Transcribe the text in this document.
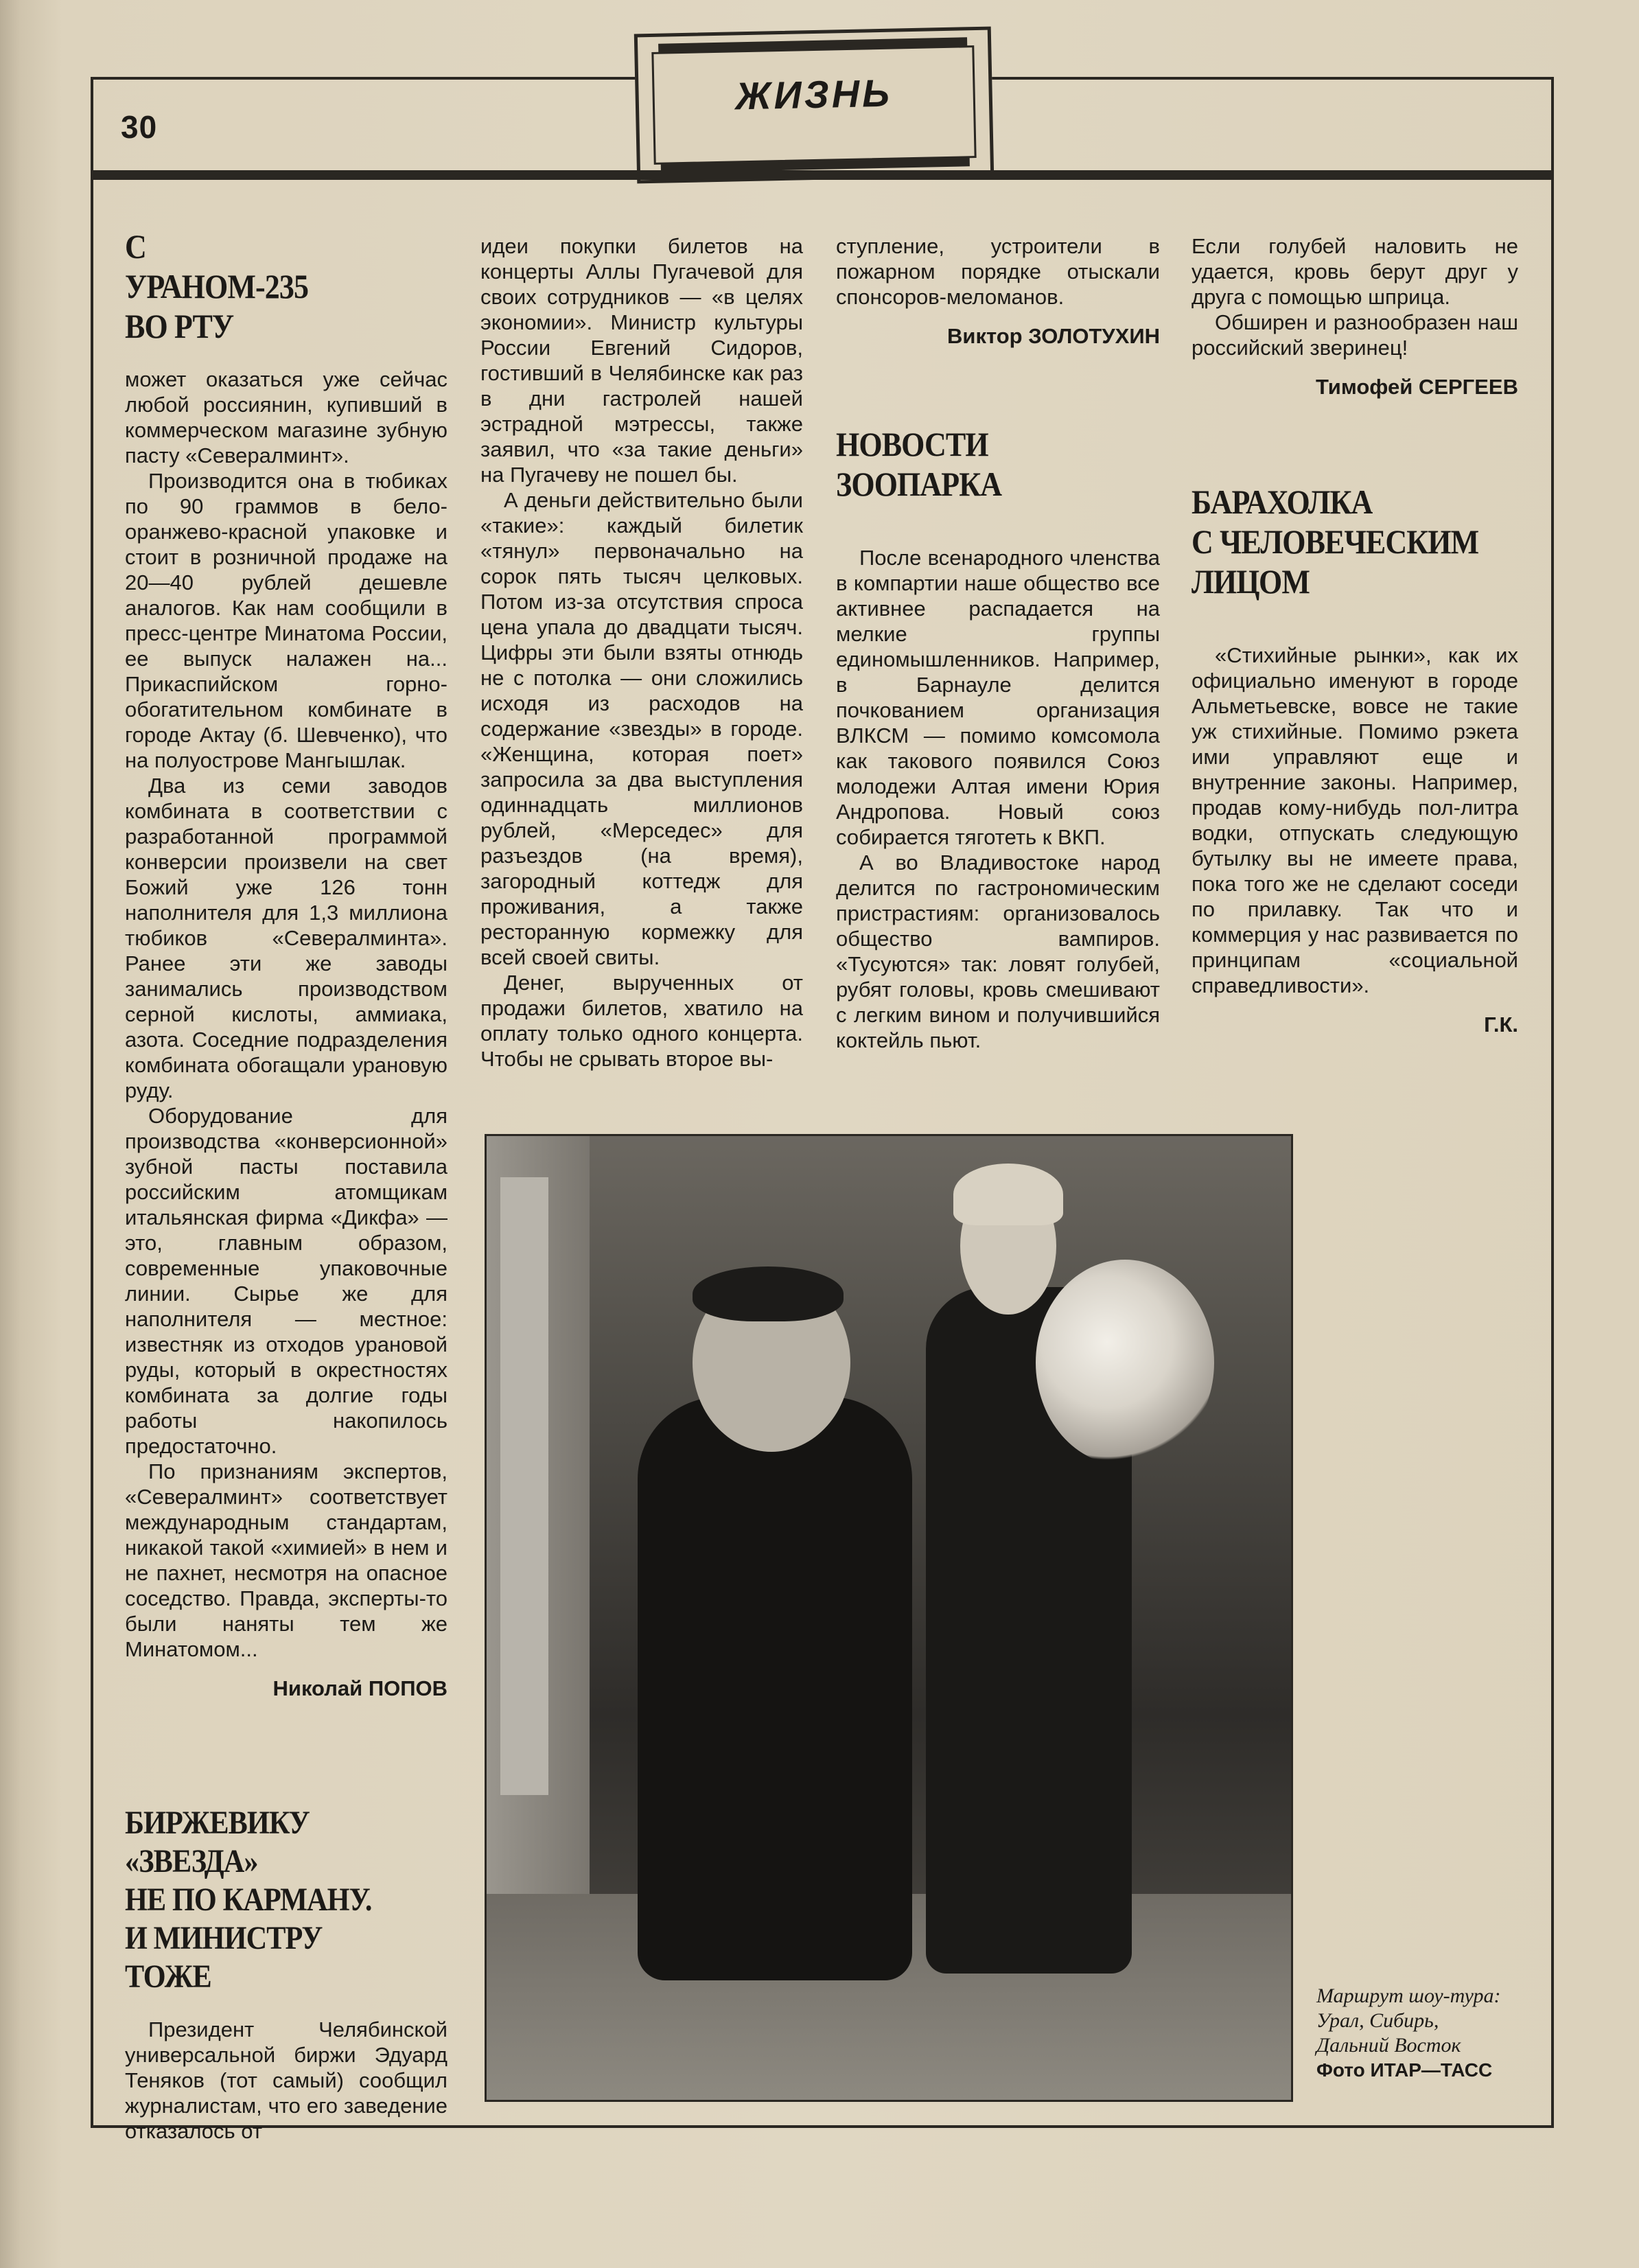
30
ЖИЗНЬ
С УРАНОМ-235 ВО РТУ

может оказаться уже сейчас любой россиянин, купивший в коммерческом магазине зубную пасту «Севералминт».

Производится она в тюбиках по 90 граммов в бело-оранжево-красной упаковке и стоит в розничной продаже на 20—40 рублей дешевле аналогов. Как нам сообщили в пресс-центре Минатома России, ее выпуск налажен на... Прикаспийском горно-обогатительном комбинате в городе Актау (б. Шевченко), что на полуострове Мангышлак.

Два из семи заводов комбината в соответствии с разработанной программой конверсии произвели на свет Божий уже 126 тонн наполнителя для 1,3 миллиона тюбиков «Севералминта». Ранее эти же заводы занимались производством серной кислоты, аммиака, азота. Соседние подразделения комбината обогащали урановую руду.

Оборудование для производства «конверсионной» зубной пасты поставила российским атомщикам итальянская фирма «Дикфа» — это, главным образом, современные упаковочные линии. Сырье же для наполнителя — местное: известняк из отходов урановой руды, который в окрестностях комбината за долгие годы работы накопилось предостаточно.

По признаниям экспертов, «Севералминт» соответствует международным стандартам, никакой такой «химией» в нем и не пахнет, несмотря на опасное соседство. Правда, эксперты-то были наняты тем же Минатомом...

Николай ПОПОВ
БИРЖЕВИКУ
«ЗВЕЗДА»
НЕ ПО КАРМАНУ.
И МИНИСТРУ ТОЖЕ

Президент Челябинской универсальной биржи Эдуард Теняков (тот самый) сообщил журналистам, что его заведение отказалось от

идеи покупки билетов на концерты Аллы Пугачевой для своих сотрудников — «в целях экономии». Министр культуры России Евгений Сидоров, гостивший в Челябинске как раз в дни гастролей нашей эстрадной мэтрессы, также заявил, что «за такие деньги» на Пугачеву не пошел бы.

А деньги действительно были «такие»: каждый билетик «тянул» первоначально на сорок пять тысяч целковых. Потом из-за отсутствия спроса цена упала до двадцати тысяч. Цифры эти были взяты отнюдь не с потолка — они сложились исходя из расходов на содержание «звезды» в городе. «Женщина, которая поет» запросила за два выступления одиннадцать миллионов рублей, «Мерседес» для разъездов (на время), загородный коттедж для проживания, а также ресторанную кормежку для всей своей свиты.

Денег, вырученных от продажи билетов, хватило на оплату только одного концерта. Чтобы не срывать второе вы-

ступление, устроители в пожарном порядке отыскали спонсоров-меломанов.

Виктор ЗОЛОТУХИН
НОВОСТИ
ЗООПАРКА

После всенародного членства в компартии наше общество все активнее распадается на мелкие группы единомышленников. Например, в Барнауле делится почкованием организация ВЛКСМ — помимо комсомола как такового появился Союз молодежи Алтая имени Юрия Андропова. Новый союз собирается тяготеть к ВКП.

А во Владивостоке народ делится по гастрономическим пристрастиям: организовалось общество вампиров. «Тусуются» так: ловят голубей, рубят головы, кровь смешивают с легким вином и получившийся коктейль пьют.

Если голубей наловить не удается, кровь берут друг у друга с помощью шприца.

Обширен и разнообразен наш российский зверинец!

Тимофей СЕРГЕЕВ
БАРАХОЛКА
С ЧЕЛОВЕЧЕСКИМ
ЛИЦОМ

«Стихийные рынки», как их официально именуют в городе Альметьевске, вовсе не такие уж стихийные. Помимо рэкета ими управляют еще и внутренние законы. Например, продав кому-нибудь пол-литра водки, отпускать следующую бутылку вы не имеете права, пока того же не сделают соседи по прилавку. Так что и коммерция у нас развивается по принципам «социальной справедливости».

Г.К.
Маршрут шоу-тура:
Урал, Сибирь,
Дальний Восток
Фото ИТАР—ТАСС
